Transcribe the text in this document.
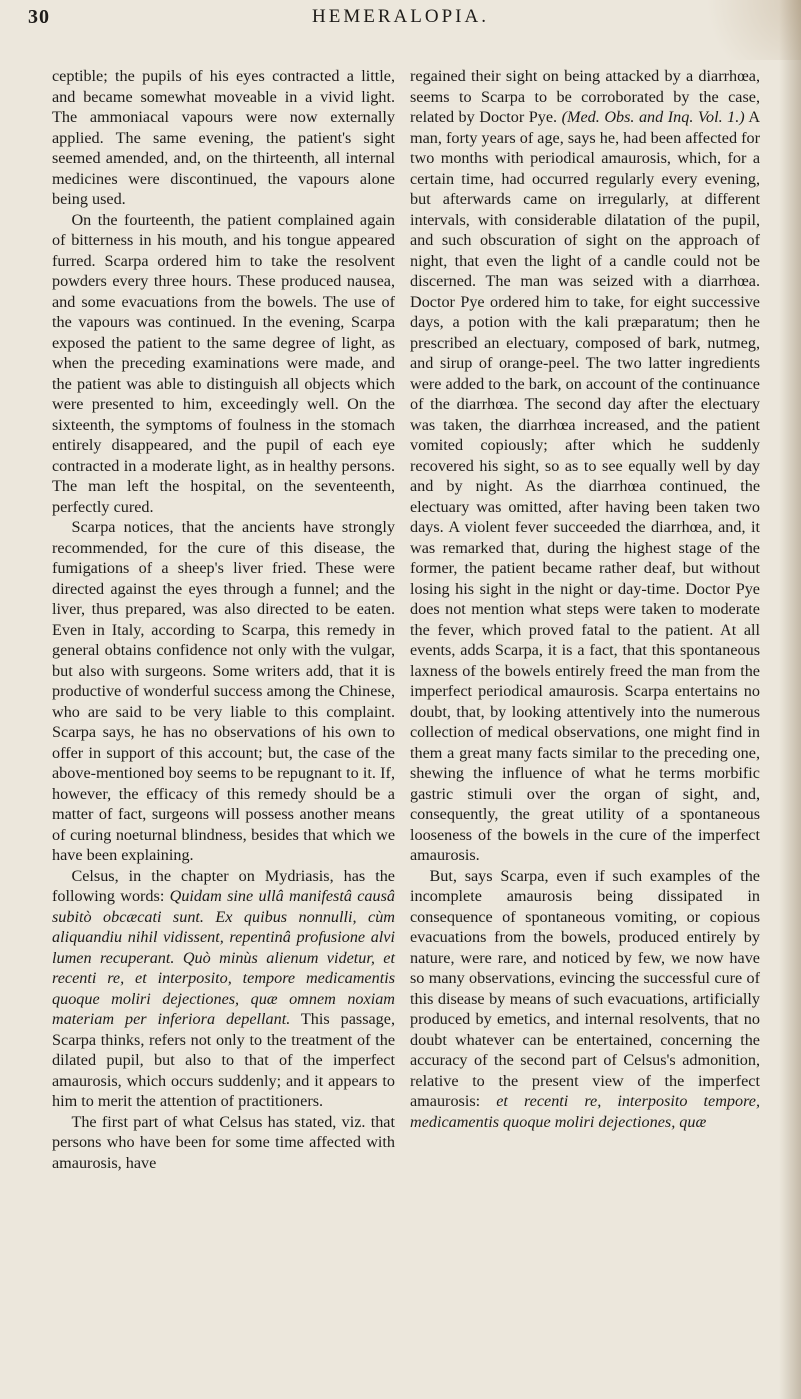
30	HEMERALOPIA.

ceptible; the pupils of his eyes contracted a little, and became somewhat moveable in a vivid light. The ammoniacal vapours were now externally applied. The same evening, the patient's sight seemed amended, and, on the thirteenth, all internal medicines were discontinued, the vapours alone being used.

On the fourteenth, the patient complained again of bitterness in his mouth, and his tongue appeared furred. Scarpa ordered him to take the resolvent powders every three hours. These produced nausea, and some evacuations from the bowels. The use of the vapours was continued. In the evening, Scarpa exposed the patient to the same degree of light, as when the preceding examinations were made, and the patient was able to distinguish all objects which were presented to him, exceedingly well. On the sixteenth, the symptoms of foulness in the stomach entirely disappeared, and the pupil of each eye contracted in a moderate light, as in healthy persons. The man left the hospital, on the seventeenth, perfectly cured.

Scarpa notices, that the ancients have strongly recommended, for the cure of this disease, the fumigations of a sheep's liver fried. These were directed against the eyes through a funnel; and the liver, thus prepared, was also directed to be eaten. Even in Italy, according to Scarpa, this remedy in general obtains confidence not only with the vulgar, but also with surgeons. Some writers add, that it is productive of wonderful success among the Chinese, who are said to be very liable to this complaint. Scarpa says, he has no observations of his own to offer in support of this account; but, the case of the above-mentioned boy seems to be repugnant to it. If, however, the efficacy of this remedy should be a matter of fact, surgeons will possess another means of curing noeturnal blindness, besides that which we have been explaining.

Celsus, in the chapter on Mydriasis, has the following words: Quidam sine ullâ manifestâ causâ subitò obcæcati sunt. Ex quibus nonnulli, cùm aliquandiu nihil vidissent, repentinâ profusione alvi lumen recuperant. Quò minùs alienum videtur, et recenti re, et interposito, tempore medicamentis quoque moliri dejectiones, quæ omnem noxiam materiam per inferiora depellant. This passage, Scarpa thinks, refers not only to the treatment of the dilated pupil, but also to that of the imperfect amaurosis, which occurs suddenly; and it appears to him to merit the attention of practitioners.

The first part of what Celsus has stated, viz. that persons who have been for some time affected with amaurosis, have

regained their sight on being attacked by a diarrhœa, seems to Scarpa to be corroborated by the case, related by Doctor Pye. (Med. Obs. and Inq. Vol. 1.) A man, forty years of age, says he, had been affected for two months with periodical amaurosis, which, for a certain time, had occurred regularly every evening, but afterwards came on irregularly, at different intervals, with considerable dilatation of the pupil, and such obscuration of sight on the approach of night, that even the light of a candle could not be discerned. The man was seized with a diarrhœa. Doctor Pye ordered him to take, for eight successive days, a potion with the kali præparatum; then he prescribed an electuary, composed of bark, nutmeg, and sirup of orange-peel. The two latter ingredients were added to the bark, on account of the continuance of the diarrhœa. The second day after the electuary was taken, the diarrhœa increased, and the patient vomited copiously; after which he suddenly recovered his sight, so as to see equally well by day and by night. As the diarrhœa continued, the electuary was omitted, after having been taken two days. A violent fever succeeded the diarrhœa, and, it was remarked that, during the highest stage of the former, the patient became rather deaf, but without losing his sight in the night or day-time. Doctor Pye does not mention what steps were taken to moderate the fever, which proved fatal to the patient. At all events, adds Scarpa, it is a fact, that this spontaneous laxness of the bowels entirely freed the man from the imperfect periodical amaurosis. Scarpa entertains no doubt, that, by looking attentively into the numerous collection of medical observations, one might find in them a great many facts similar to the preceding one, shewing the influence of what he terms morbific gastric stimuli over the organ of sight, and, consequently, the great utility of a spontaneous looseness of the bowels in the cure of the imperfect amaurosis.

But, says Scarpa, even if such examples of the incomplete amaurosis being dissipated in consequence of spontaneous vomiting, or copious evacuations from the bowels, produced entirely by nature, were rare, and noticed by few, we now have so many observations, evincing the successful cure of this disease by means of such evacuations, artificially produced by emetics, and internal resolvents, that no doubt whatever can be entertained, concerning the accuracy of the second part of Celsus's admonition, relative to the present view of the imperfect amaurosis: et recenti re, interposito tempore, medicamentis quoque moliri dejectiones, quæ
